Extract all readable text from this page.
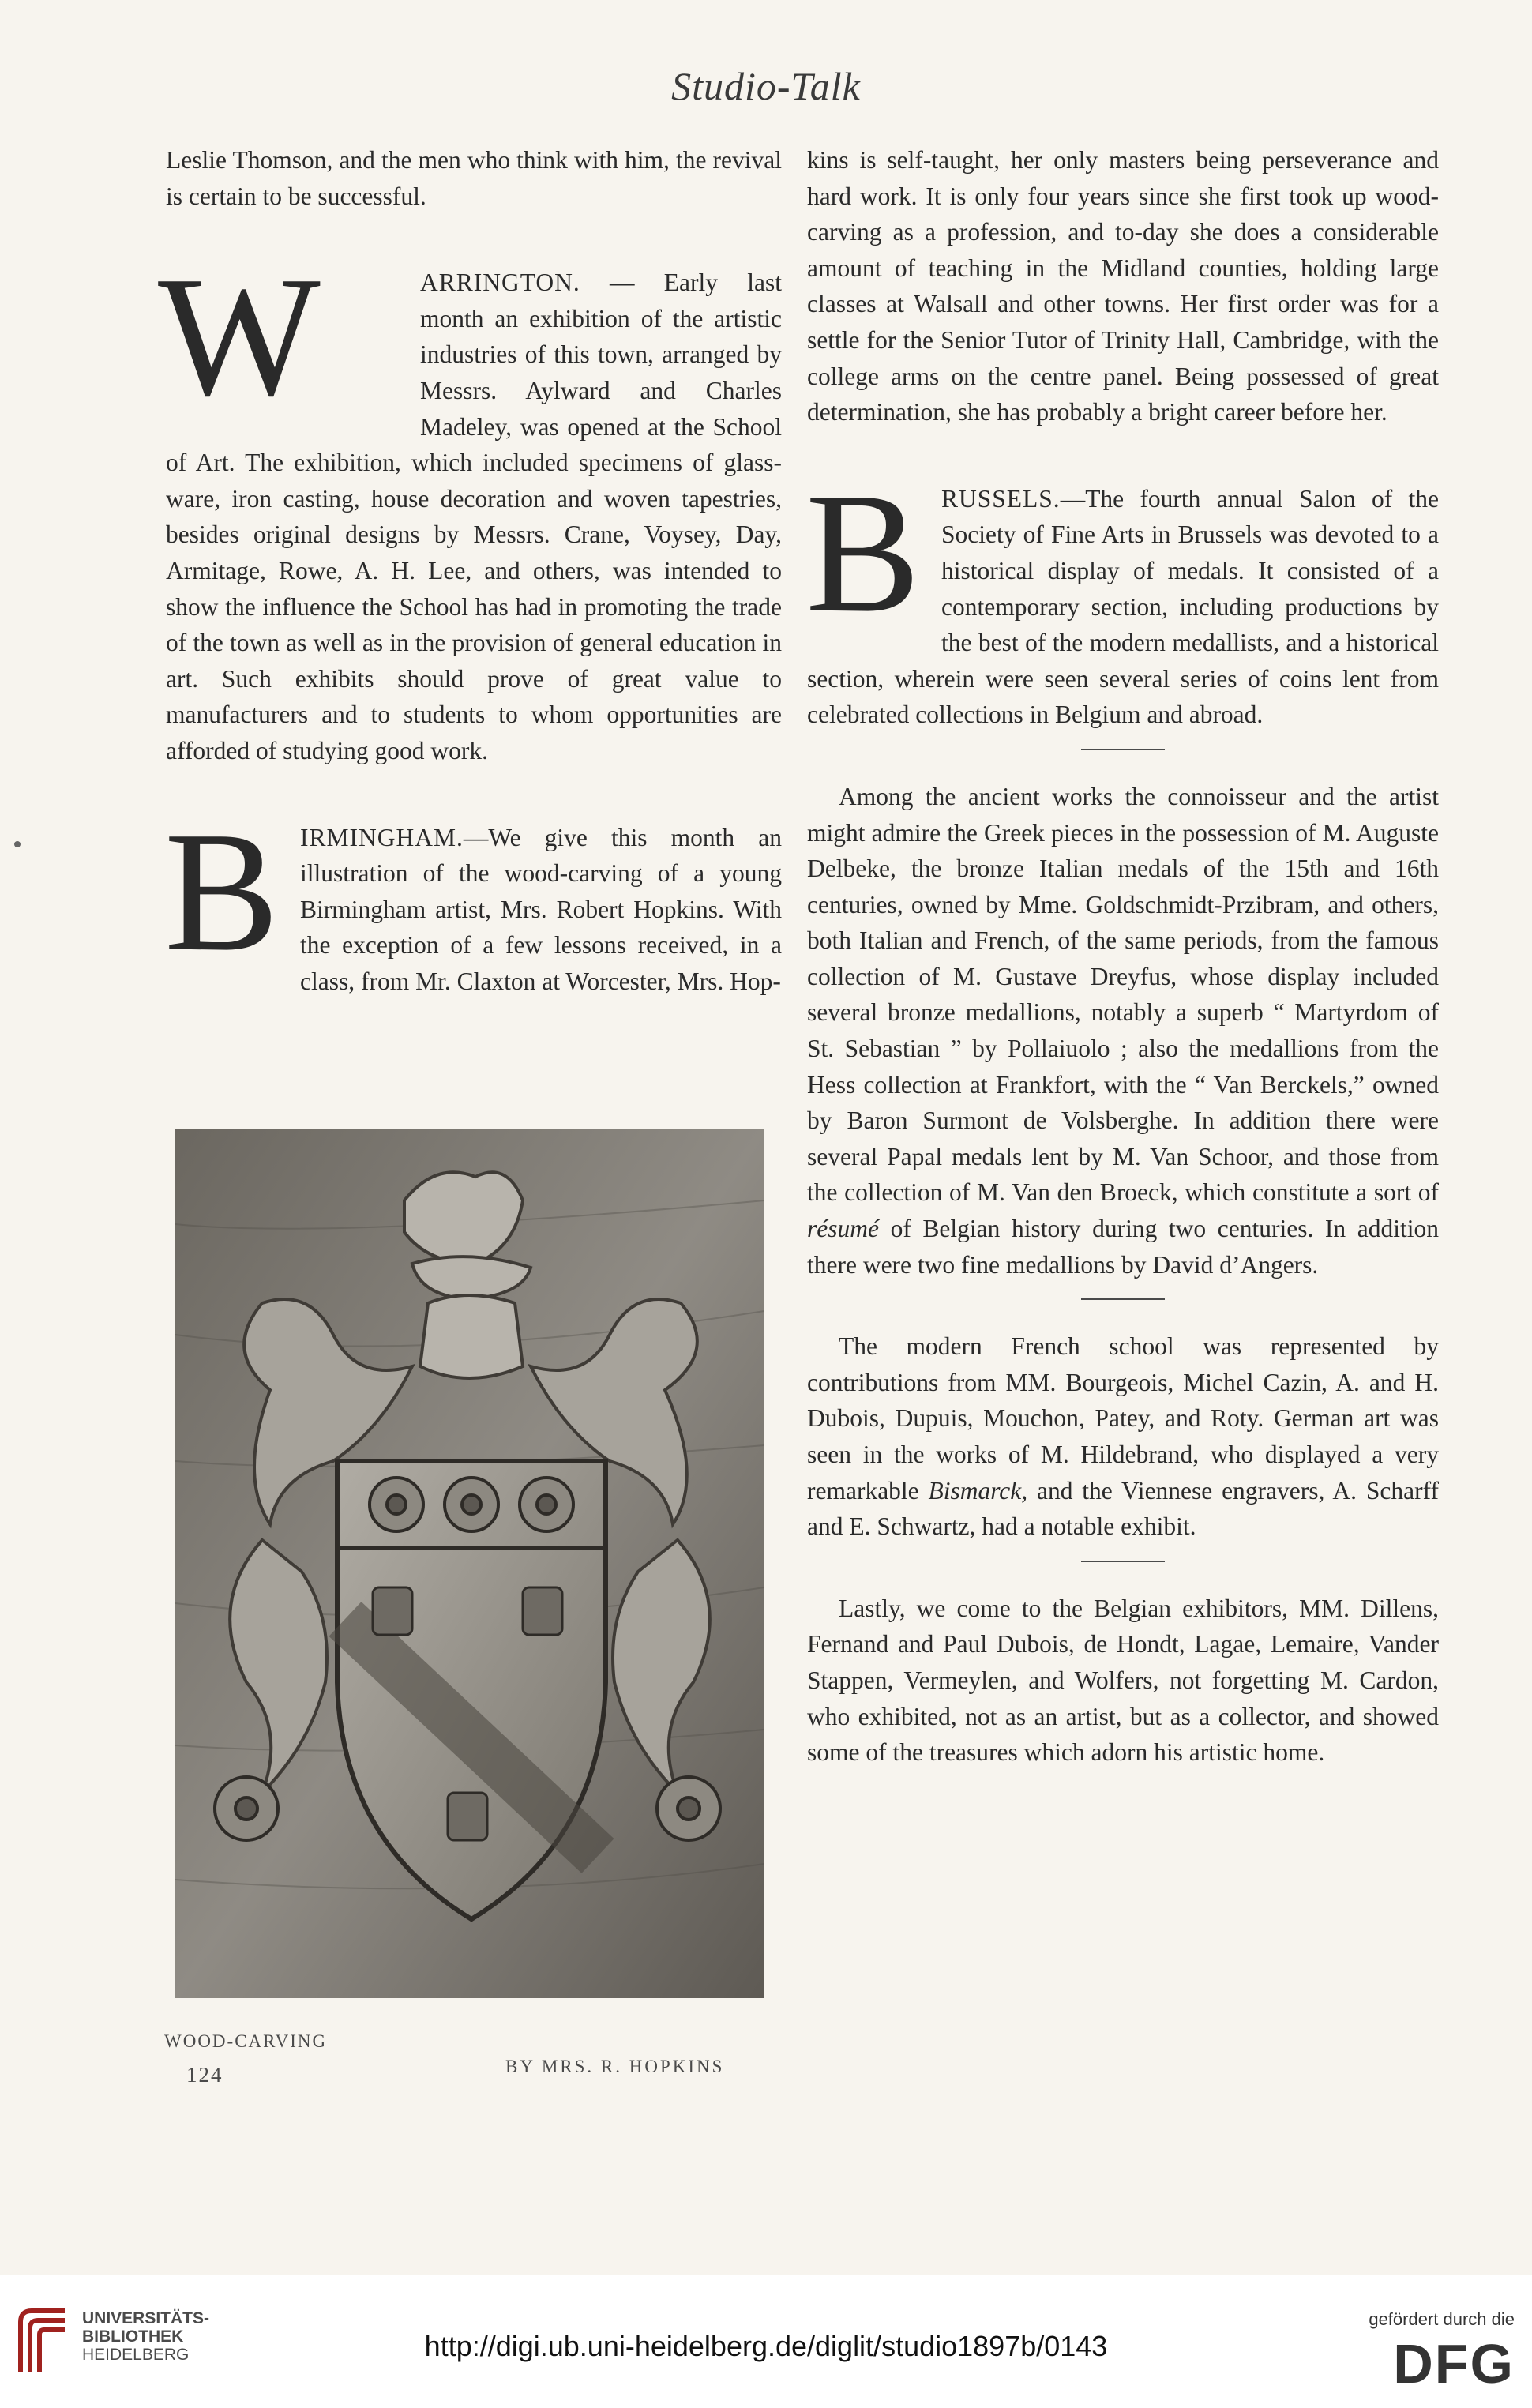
Studio-Talk

Leslie Thomson, and the men who think with him, the revival is certain to be successful.

W	ARRINGTON. — Early last month an exhibition of the artistic industries of this town, arranged by Messrs. Aylward and Charles Madeley, was opened at the School of Art. The exhibition, which included specimens of glass-ware, iron casting, house decoration and woven tapestries, besides original designs by Messrs. Crane, Voysey, Day, Armitage, Rowe, A. H. Lee, and others, was intended to show the influence the School has had in promoting the trade of the town as well as in the provision of general education in art. Such exhibits should prove of great value to manufacturers and to students to whom opportunities are afforded of studying good work.

BIRMINGHAM.—We give this month an illustration of the wood-carving of a young Birmingham artist, Mrs. Robert Hopkins. With the exception of a few lessons received, in a class, from Mr. Claxton at Worcester, Mrs. Hop-

WOOD-CARVING
BY MRS. R. HOPKINS
124

kins is self-taught, her only masters being perseverance and hard work. It is only four years since she first took up wood-carving as a profession, and to-day she does a considerable amount of teaching in the Midland counties, holding large classes at Walsall and other towns. Her first order was for a settle for the Senior Tutor of Trinity Hall, Cambridge, with the college arms on the centre panel. Being possessed of great determination, she has probably a bright career before her.

BRUSSELS.—The fourth annual Salon of the Society of Fine Arts in Brussels was devoted to a historical display of medals. It consisted of a contemporary section, including productions by the best of the modern medallists, and a historical section, wherein were seen several series of coins lent from celebrated collections in Belgium and abroad.

Among the ancient works the connoisseur and the artist might admire the Greek pieces in the possession of M. Auguste Delbeke, the bronze Italian medals of the 15th and 16th centuries, owned by Mme. Goldschmidt-Przibram, and others, both Italian and French, of the same periods, from the famous collection of M. Gustave Dreyfus, whose display included several bronze medallions, notably a superb “ Martyrdom of St. Sebastian ” by Pollaiuolo ; also the medallions from the Hess collection at Frankfort, with the “ Van Berckels,” owned by Baron Surmont de Volsberghe. In addition there were several Papal medals lent by M. Van Schoor, and those from the collection of M. Van den Broeck, which constitute a sort of résumé of Belgian history during two centuries. In addition there were two fine medallions by David d’Angers.

The modern French school was represented by contributions from MM. Bourgeois, Michel Cazin, A. and H. Dubois, Dupuis, Mouchon, Patey, and Roty. German art was seen in the works of M. Hildebrand, who displayed a very remarkable Bismarck, and the Viennese engravers, A. Scharff and E. Schwartz, had a notable exhibit.

Lastly, we come to the Belgian exhibitors, MM. Dillens, Fernand and Paul Dubois, de Hondt, Lagae, Lemaire, Vander Stappen, Vermeylen, and Wolfers, not forgetting M. Cardon, who exhibited, not as an artist, but as a collector, and showed some of the treasures which adorn his artistic home.

UNIVERSITÄTS-
BIBLIOTHEK
HEIDELBERG	http://digi.ub.uni-heidelberg.de/diglit/studio1897b/0143
gefördert durch die
DFG
